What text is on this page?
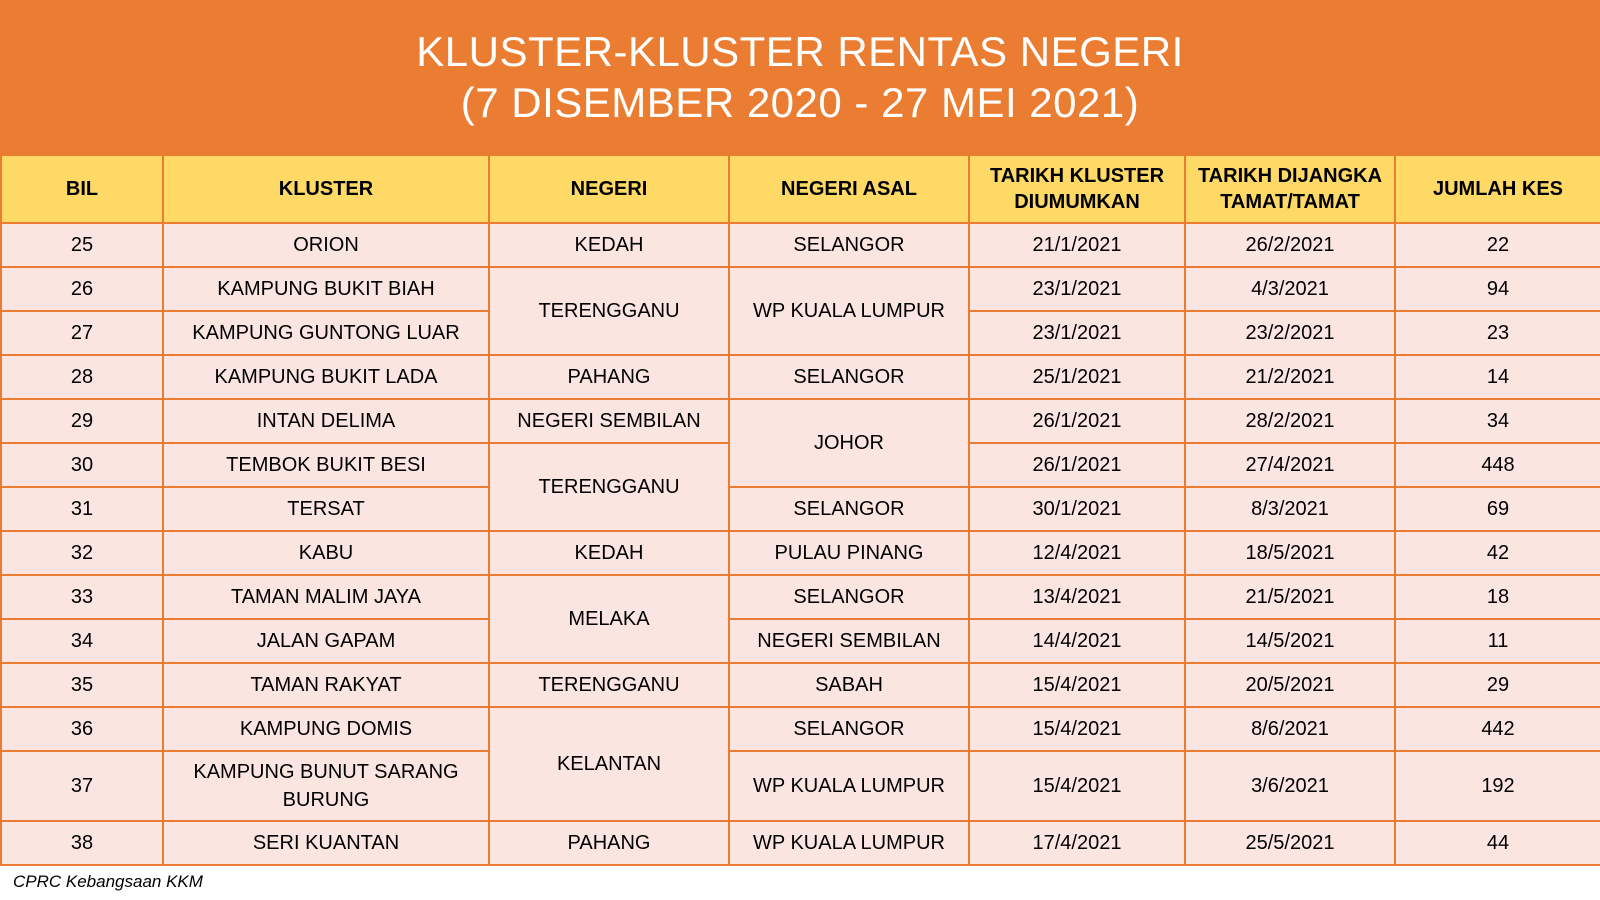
KLUSTER-KLUSTER RENTAS NEGERI
(7 DISEMBER 2020 - 27 MEI 2021)
BIL	KLUSTER	NEGERI	NEGERI ASAL	TARIKH KLUSTER DIUMUMKAN	TARIKH DIJANGKA TAMAT/TAMAT	JUMLAH KES
25	ORION	KEDAH	SELANGOR	21/1/2021	26/2/2021	22
26	KAMPUNG BUKIT BIAH	TERENGGANU	WP KUALA LUMPUR	23/1/2021	4/3/2021	94
27	KAMPUNG GUNTONG LUAR			23/1/2021	23/2/2021	23
28	KAMPUNG BUKIT LADA	PAHANG	SELANGOR	25/1/2021	21/2/2021	14
29	INTAN DELIMA	NEGERI SEMBILAN	JOHOR	26/1/2021	28/2/2021	34
30	TEMBOK BUKIT BESI	TERENGGANU		26/1/2021	27/4/2021	448
31	TERSAT		SELANGOR	30/1/2021	8/3/2021	69
32	KABU	KEDAH	PULAU PINANG	12/4/2021	18/5/2021	42
33	TAMAN MALIM JAYA	MELAKA	SELANGOR	13/4/2021	21/5/2021	18
34	JALAN GAPAM		NEGERI SEMBILAN	14/4/2021	14/5/2021	11
35	TAMAN RAKYAT	TERENGGANU	SABAH	15/4/2021	20/5/2021	29
36	KAMPUNG DOMIS	KELANTAN	SELANGOR	15/4/2021	8/6/2021	442
37	KAMPUNG BUNUT SARANG BURUNG		WP KUALA LUMPUR	15/4/2021	3/6/2021	192
38	SERI KUANTAN	PAHANG	WP KUALA LUMPUR	17/4/2021	25/5/2021	44
CPRC Kebangsaan KKM
